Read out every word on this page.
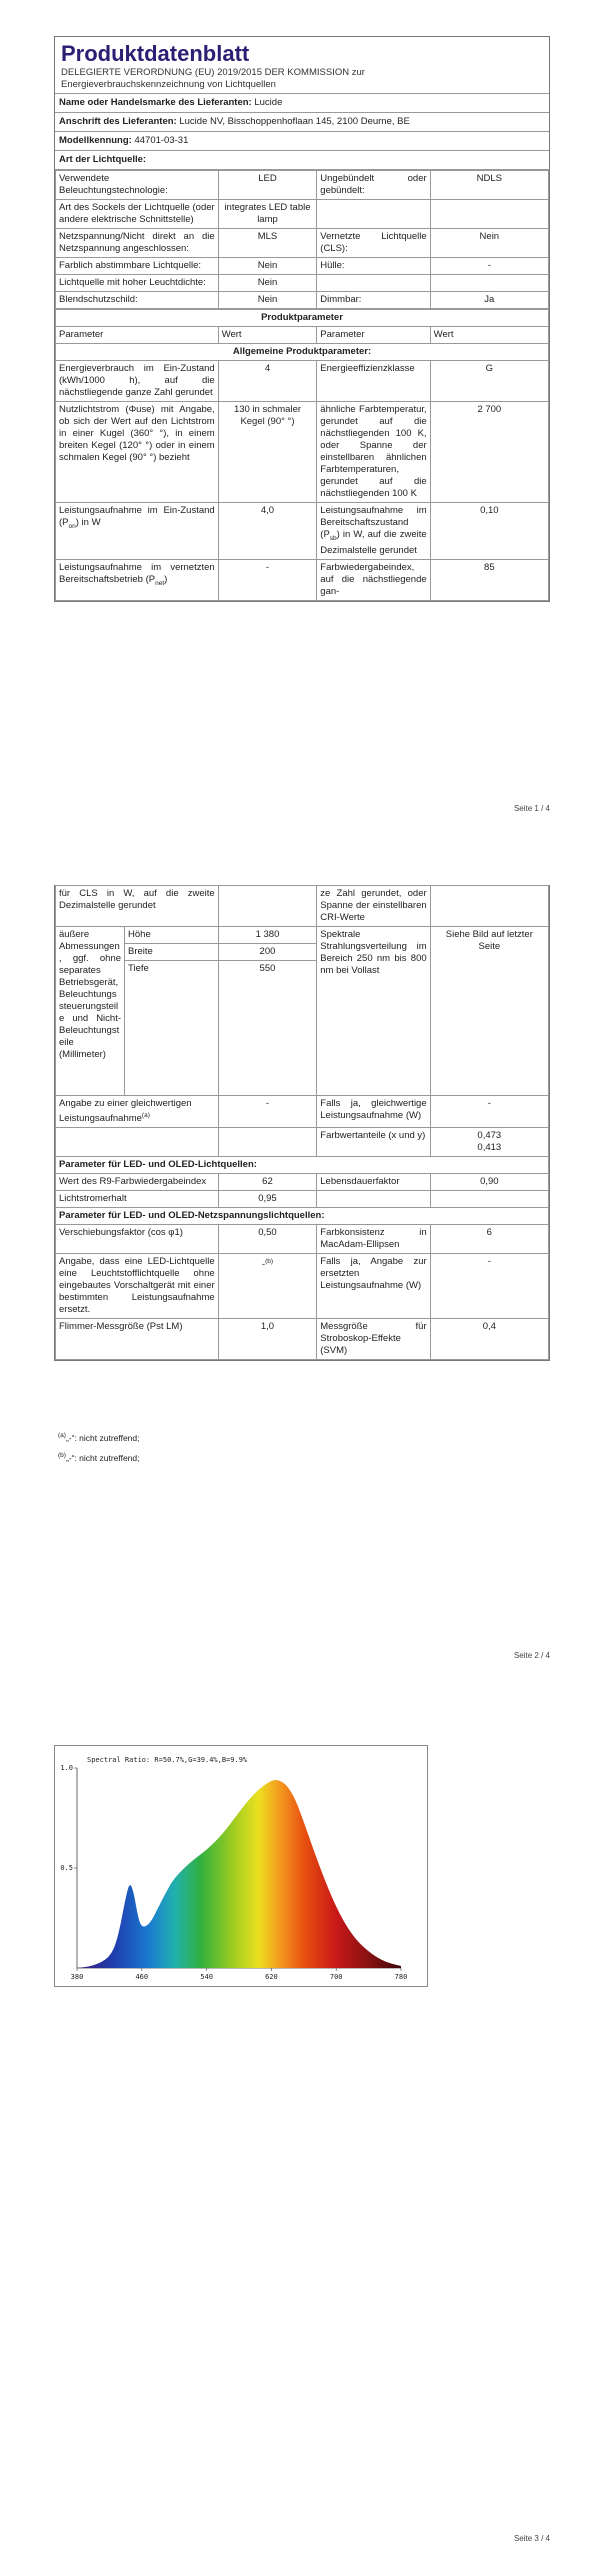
Produktdatenblatt
DELEGIERTE VERORDNUNG (EU) 2019/2015 DER KOMMISSION zur
Energieverbrauchskennzeichnung von Lichtquellen
Name oder Handelsmarke des Lieferanten: Lucide
Anschrift des Lieferanten: Lucide NV, Bisschoppenhoflaan 145, 2100 Deurne, BE
Modellkennung: 44701-03-31
Art der Lichtquelle:
Verwendete Beleuchtungstechnologie:	LED	Ungebündelt oder gebündelt:	NDLS
Art des Sockels der Lichtquelle (oder andere elektrische Schnittstelle)	integrates LED table lamp		
Netzspannung/Nicht direkt an die Netzspannung angeschlossen:	MLS	Vernetzte Lichtquelle (CLS):	Nein
Farblich abstimmbare Lichtquelle:	Nein	Hülle:	-
Lichtquelle mit hoher Leuchtdichte:	Nein		
Blendschutzschild:	Nein	Dimmbar:	Ja
Produktparameter			
Parameter	Wert	Parameter	Wert
Allgemeine Produktparameter:			
Energieverbrauch im Ein-Zustand (kWh/1000 h), auf die nächstliegende ganze Zahl gerundet	4	Energieeffizienzklasse	G
Nutzlichtstrom (Φuse) mit Angabe, ob sich der Wert auf den Lichtstrom in einer Kugel (360° °), in einem breiten Kegel (120° °) oder in einem schmalen Kegel (90° °) bezieht	130 in schmaler Kegel (90° °)	ähnliche Farbtemperatur, gerundet auf die nächstliegenden 100 K, oder Spanne der einstellbaren ähnlichen Farbtemperaturen, gerundet auf die nächstliegenden 100 K	2 700
Leistungsaufnahme im Ein-Zustand $(P_{on})$ in W	4,0	Leistungsaufnahme im Bereitschaftszustand $(P_{sb})$ in W, auf die zweite Dezimalstelle gerundet	0,10
Leistungsaufnahme im vernetzten Bereitschaftsbetrieb $(P_{net})$	-	Farbwiedergabeindex, auf die nächstliegende gan-	85
Seite 1 / 4
für CLS in W, auf die zweite Dezimalstelle gerundet			ze Zahl gerundet, oder Spanne der einstellbaren CRI-Werte	
äußere Abmessungen, ggf. ohne separates Betriebsgerät, Beleuchtungssteuerungsteile und Nicht-Beleuchtungsteile (Millimeter)	Höhe	1 380	Spektrale Strahlungsverteilung im Bereich 250 nm bis 800 nm bei Vollast	Siehe Bild auf letzter Seite
	Breite	200		
	Tiefe	550		
Angabe zu einer gleichwertigen Leistungsaufnahme$^{(a)}$		-	Falls ja, gleichwertige Leistungsaufnahme (W)	-
			Farbwertanteile (x und y)	0,473
0,413

Parameter für LED- und OLED-Lichtquellen:				
Wert des R9-Farbwiedergabeindex		62	Lebensdauerfaktor	0,90
Lichtstromerhalt		0,95		
Parameter für LED- und OLED-Netzspannungslichtquellen:				
Verschiebungsfaktor (cos φ1)		0,50	Farbkonsistenz in MacAdam-Ellipsen	6
Angabe, dass eine LED-Lichtquelle eine Leuchtstofflichtquelle ohne eingebautes Vorschaltgerät mit einer bestimmten Leistungsaufnahme ersetzt.		-$^{(b)}$	Falls ja, Angabe zur ersetzten Leistungsaufnahme (W)	-
Flimmer-Messgröße (Pst LM)		1,0	Messgröße für Stroboskop-Effekte (SVM)	0,4
$^{(a)}$„-“: nicht zutreffend;
$^{(b)}$„-“: nicht zutreffend;
Seite 2 / 4
Spectral Ratio: R=50.7%,G=39.4%,B=9.9%
380	460	540	620	700	780
1.0
0.5
Seite 3 / 4
